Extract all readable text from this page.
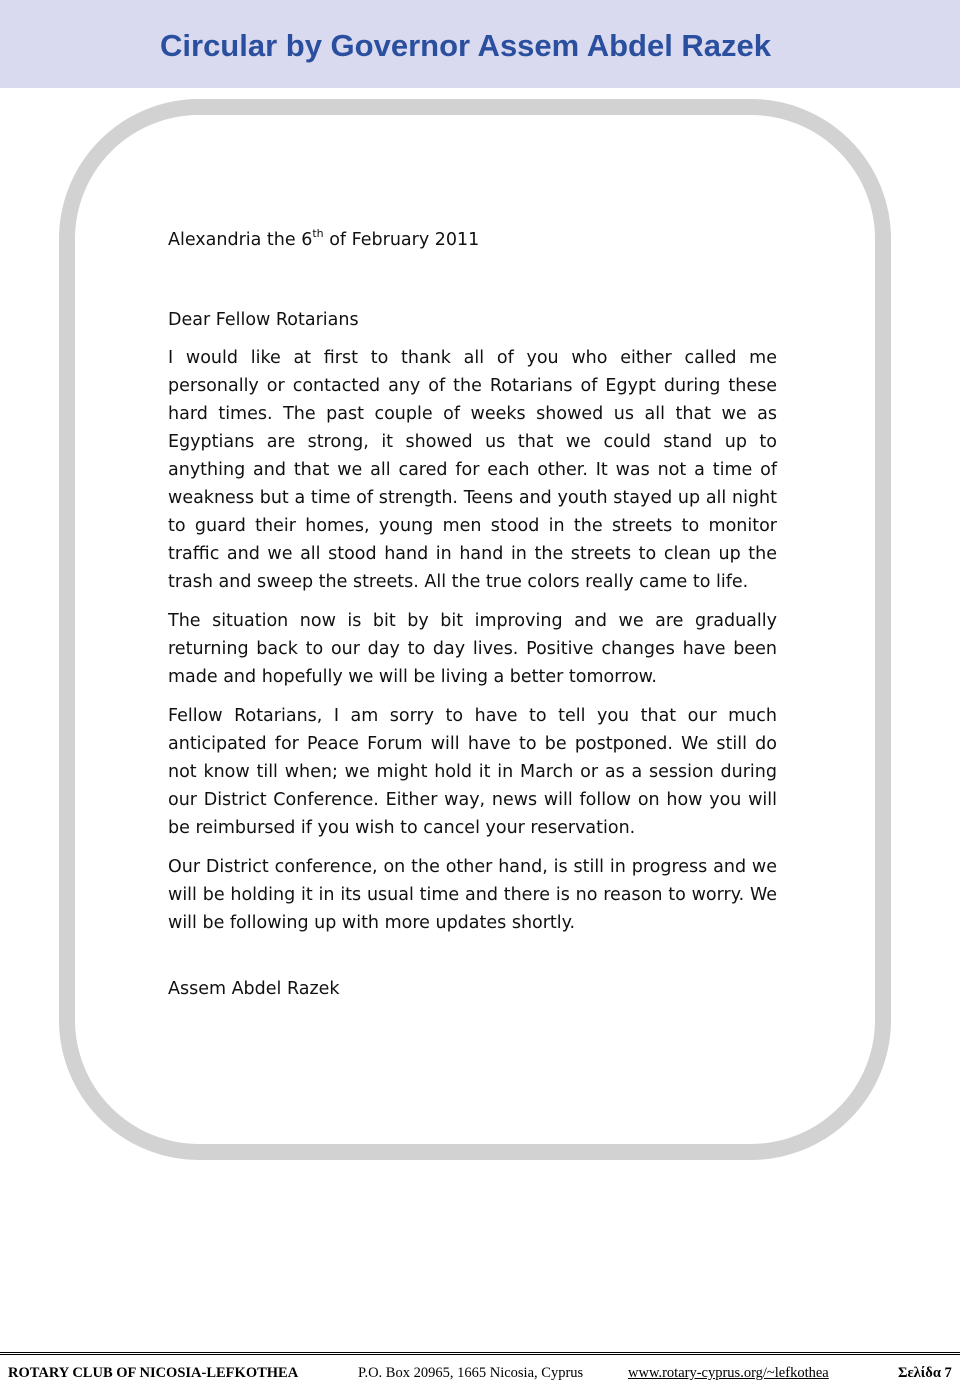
Circular by Governor Assem Abdel Razek

Alexandria the 6th of February 2011

Dear Fellow Rotarians

I would like at first to thank all of you who either called me personally or contacted any of the Rotarians of Egypt during these hard times. The past couple of weeks showed us all that we as Egyptians are strong, it showed us that we could stand up to anything and that we all cared for each other. It was not a time of weakness but a time of strength. Teens and youth stayed up all night to guard their homes, young men stood in the streets to monitor traffic and we all stood hand in hand in the streets to clean up the trash and sweep the streets. All the true colors really came to life.

The situation now is bit by bit improving and we are gradually returning back to our day to day lives. Positive changes have been made and hopefully we will be living a better tomorrow.

Fellow Rotarians, I am sorry to have to tell you that our much anticipated for Peace Forum will have to be postponed. We still do not know till when; we might hold it in March or as a session during our District Conference. Either way, news will follow on how you will be reimbursed if you wish to cancel your reservation.

Our District conference, on the other hand, is still in progress and we will be holding it in its usual time and there is no reason to worry. We will be following up with more updates shortly.

Assem Abdel Razek

ROTARY CLUB OF NICOSIA-LEFKOTHEA	P.O. Box 20965, 1665 Nicosia, Cyprus	www.rotary-cyprus.org/~lefkothea	Σελίδα 7
